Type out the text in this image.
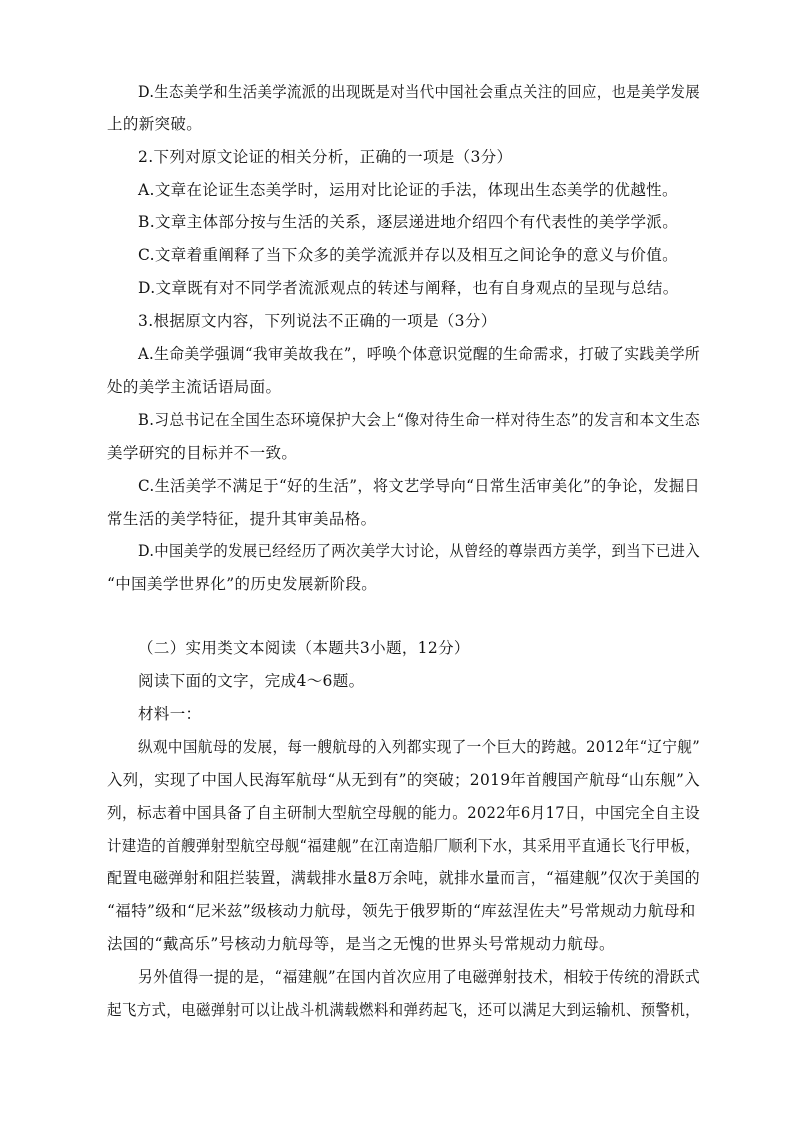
D.生态美学和生活美学流派的出现既是对当代中国社会重点关注的回应，也是美学发展
上的新突破。
2.下列对原文论证的相关分析，正确的一项是（3分）
A.文章在论证生态美学时，运用对比论证的手法，体现出生态美学的优越性。
B.文章主体部分按与生活的关系，逐层递进地介绍四个有代表性的美学学派。
C.文章着重阐释了当下众多的美学流派并存以及相互之间论争的意义与价值。
D.文章既有对不同学者流派观点的转述与阐释，也有自身观点的呈现与总结。
3.根据原文内容，下列说法不正确的一项是（3分）
A.生命美学强调“我审美故我在”，呼唤个体意识觉醒的生命需求，打破了实践美学所
处的美学主流话语局面。
B.习总书记在全国生态环境保护大会上“像对待生命一样对待生态”的发言和本文生态
美学研究的目标并不一致。
C.生活美学不满足于“好的生活”，将文艺学导向“日常生活审美化”的争论，发掘日
常生活的美学特征，提升其审美品格。
D.中国美学的发展已经经历了两次美学大讨论，从曾经的尊崇西方美学，到当下已进入
“中国美学世界化”的历史发展新阶段。
（二）实用类文本阅读（本题共3小题，12分）
阅读下面的文字，完成4～6题。
材料一：
纵观中国航母的发展，每一艘航母的入列都实现了一个巨大的跨越。2012年“辽宁舰”
入列，实现了中国人民海军航母“从无到有”的突破；2019年首艘国产航母“山东舰”入
列，标志着中国具备了自主研制大型航空母舰的能力。2022年6月17日，中国完全自主设
计建造的首艘弹射型航空母舰“福建舰”在江南造船厂顺利下水，其采用平直通长飞行甲板，
配置电磁弹射和阻拦装置，满载排水量8万余吨，就排水量而言，“福建舰”仅次于美国的
“福特”级和“尼米兹”级核动力航母，领先于俄罗斯的“库兹涅佐夫”号常规动力航母和
法国的“戴高乐”号核动力航母等，是当之无愧的世界头号常规动力航母。
另外值得一提的是，“福建舰”在国内首次应用了电磁弹射技术，相较于传统的滑跃式
起飞方式，电磁弹射可以让战斗机满载燃料和弹药起飞，还可以满足大到运输机、预警机，
